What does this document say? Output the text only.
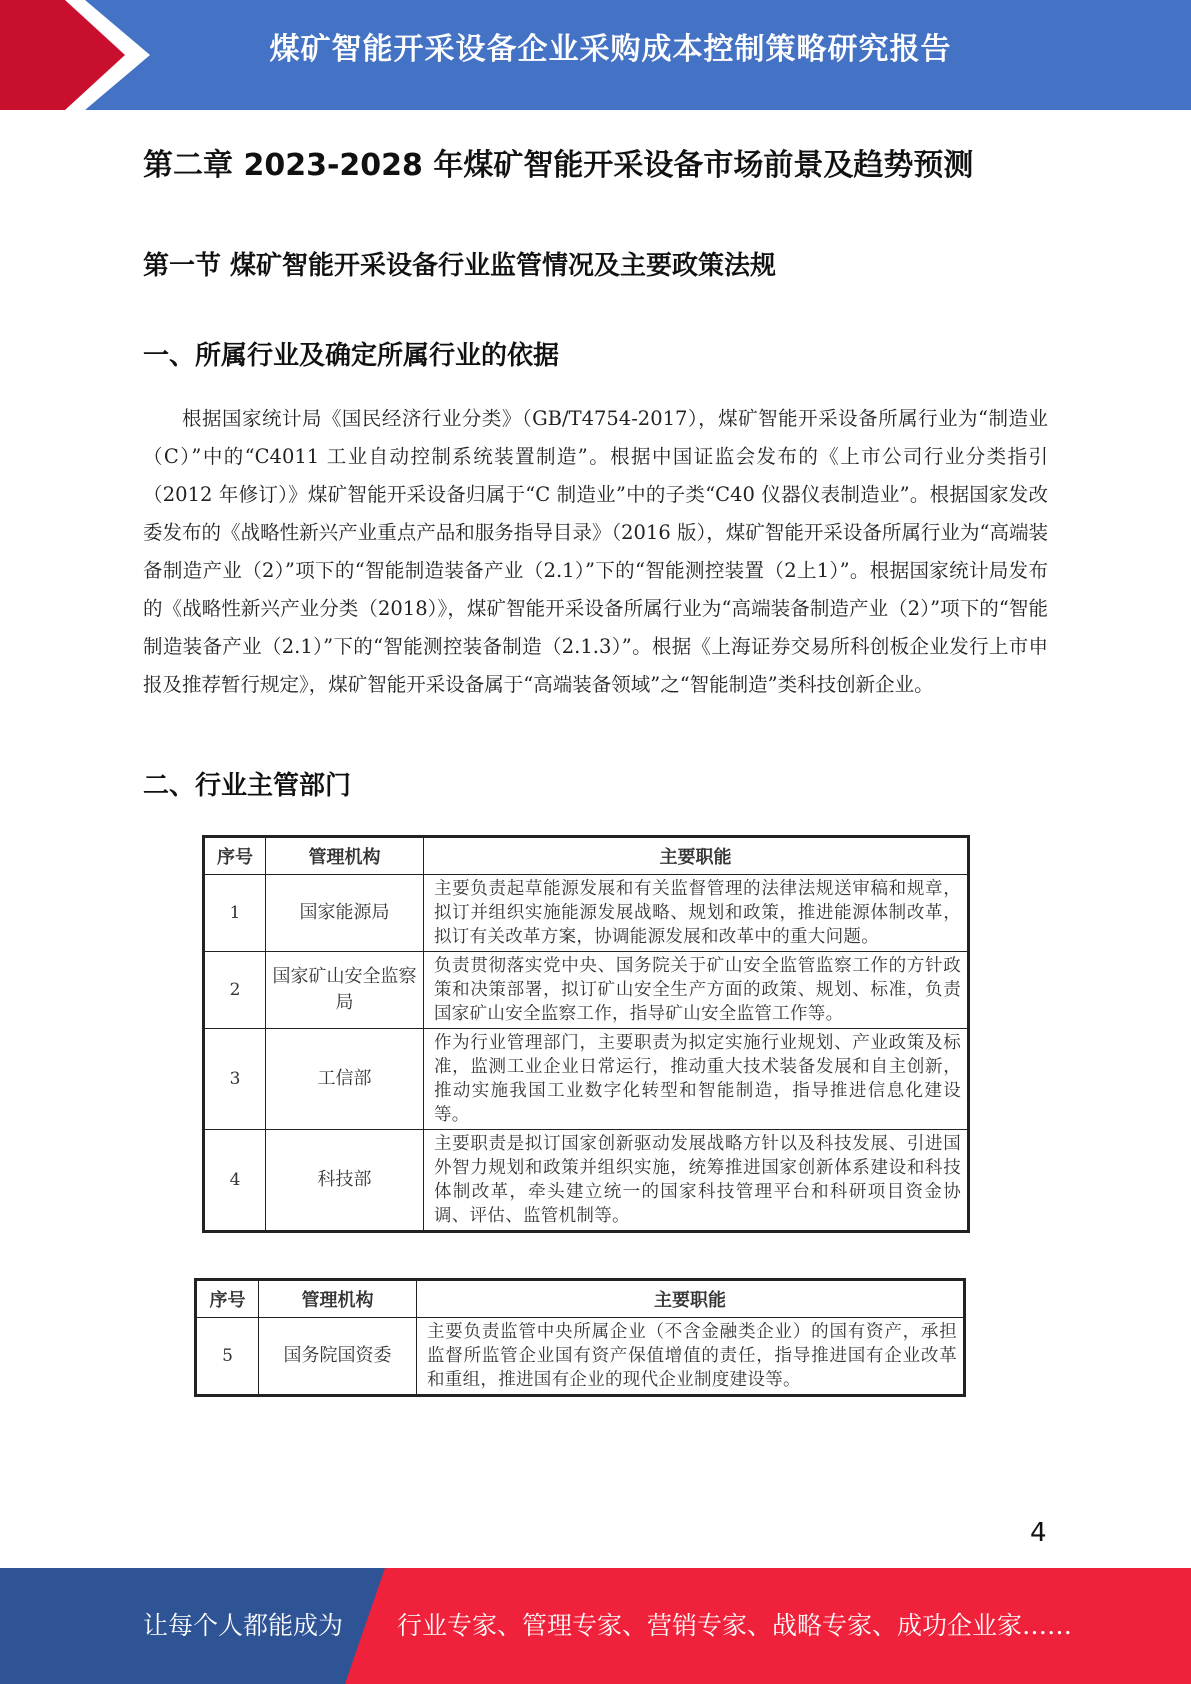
煤矿智能开采设备企业采购成本控制策略研究报告
第二章 2023-2028 年煤矿智能开采设备市场前景及趋势预测
第一节 煤矿智能开采设备行业监管情况及主要政策法规
一、所属行业及确定所属行业的依据

根据国家统计局《国民经济行业分类》（GB/T4754-2017），煤矿智能开采设备所属行业为“制造业（C）”中的“C4011 工业自动控制系统装置制造”。根据中国证监会发布的《上市公司行业分类指引（2012 年修订）》煤矿智能开采设备归属于“C 制造业”中的子类“C40 仪器仪表制造业”。根据国家发改委发布的《战略性新兴产业重点产品和服务指导目录》（2016 版），煤矿智能开采设备所属行业为“高端装备制造产业（2）”项下的“智能制造装备产业（2.1）”下的“智能测控装置（2上1）”。根据国家统计局发布的《战略性新兴产业分类（2018）》，煤矿智能开采设备所属行业为“高端装备制造产业（2）”项下的“智能制造装备产业（2.1）”下的“智能测控装备制造（2.1.3）”。根据《上海证券交易所科创板企业发行上市申报及推荐暂行规定》，煤矿智能开采设备属于“高端装备领域”之“智能制造”类科技创新企业。

二、行业主管部门
序号	管理机构	主要职能
1	国家能源局	主要负责起草能源发展和有关监督管理的法律法规送审稿和规章，拟订并组织实施能源发展战略、规划和政策，推进能源体制改革，拟订有关改革方案，协调能源发展和改革中的重大问题。
2	国家矿山安全监察局	负责贯彻落实党中央、国务院关于矿山安全监管监察工作的方针政策和决策部署，拟订矿山安全生产方面的政策、规划、标准，负责国家矿山安全监察工作，指导矿山安全监管工作等。
3	工信部	作为行业管理部门，主要职责为拟定实施行业规划、产业政策及标准，监测工业企业日常运行，推动重大技术装备发展和自主创新，推动实施我国工业数字化转型和智能制造，指导推进信息化建设等。
4	科技部	主要职责是拟订国家创新驱动发展战略方针以及科技发展、引进国外智力规划和政策并组织实施，统筹推进国家创新体系建设和科技体制改革，牵头建立统一的国家科技管理平台和科研项目资金协调、评估、监管机制等。
序号	管理机构	主要职能
5	国务院国资委	主要负责监管中央所属企业（不含金融类企业）的国有资产，承担监督所监管企业国有资产保值增值的责任，指导推进国有企业改革和重组，推进国有企业的现代企业制度建设等。
4
让每个人都能成为 行业专家、管理专家、营销专家、战略专家、成功企业家……
